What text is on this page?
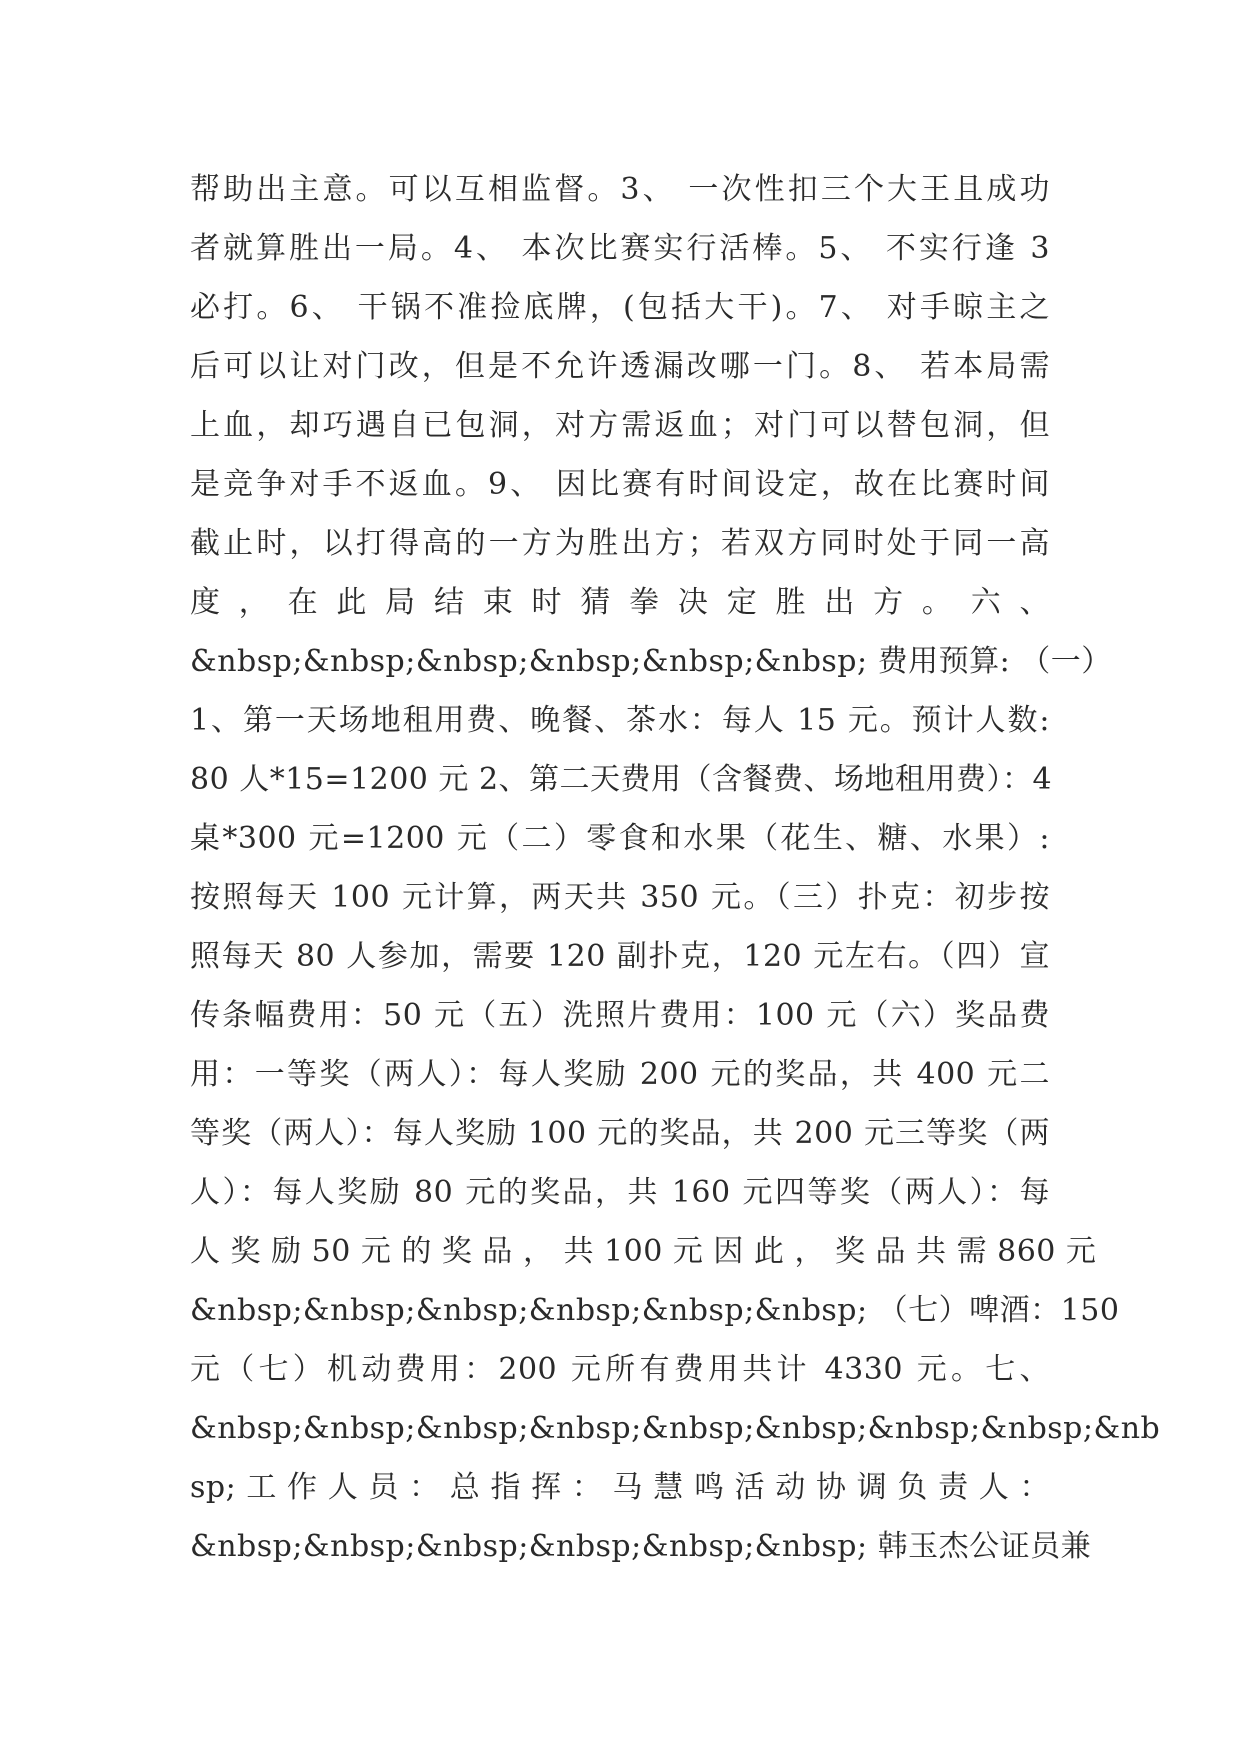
帮助出主意。可以互相监督。3、 一次性扣三个大王且成功
者就算胜出一局。4、 本次比赛实行活棒。5、 不实行逢 3
必打。6、 干锅不准捡底牌，(包括大干)。7、 对手晾主之
后可以让对门改，但是不允许透漏改哪一门。8、 若本局需
上血，却巧遇自已包洞，对方需返血；对门可以替包洞，但
是竞争对手不返血。9、 因比赛有时间设定，故在比赛时间
截止时，以打得高的一方为胜出方；若双方同时处于同一高
度 ， 在 此 局 结 束 时 猜 拳 决 定 胜 出 方 。 六 、
&nbsp;&nbsp;&nbsp;&nbsp;&nbsp;&nbsp; 费用预算: （一）
1、第一天场地租用费、晚餐、茶水：每人 15 元。预计人数:
80 人*15=1200 元 2、第二天费用（含餐费、场地租用费）：4
桌*300 元=1200 元（二）零食和水果（花生、糖、水果）:
按照每天 100 元计算，两天共 350 元。（三）扑克：初步按
照每天 80 人参加，需要 120 副扑克，120 元左右。（四）宣
传条幅费用：50 元（五）洗照片费用：100 元（六）奖品费
用：一等奖（两人）：每人奖励 200 元的奖品，共 400 元二
等奖（两人）：每人奖励 100 元的奖品，共 200 元三等奖（两
人）：每人奖励 80 元的奖品，共 160 元四等奖（两人）：每
人 奖 励 50 元 的 奖 品 ， 共 100 元 因 此 ， 奖 品 共 需 860 元
&nbsp;&nbsp;&nbsp;&nbsp;&nbsp;&nbsp; （七）啤酒：150
元（七）机动费用：200 元所有费用共计 4330 元。七、
&nbsp;&nbsp;&nbsp;&nbsp;&nbsp;&nbsp;&nbsp;&nbsp;&nb
sp; 工 作 人 员 ： 总 指 挥 ： 马 慧 鸣 活 动 协 调 负 责 人 ：
&nbsp;&nbsp;&nbsp;&nbsp;&nbsp;&nbsp; 韩玉杰公证员兼
